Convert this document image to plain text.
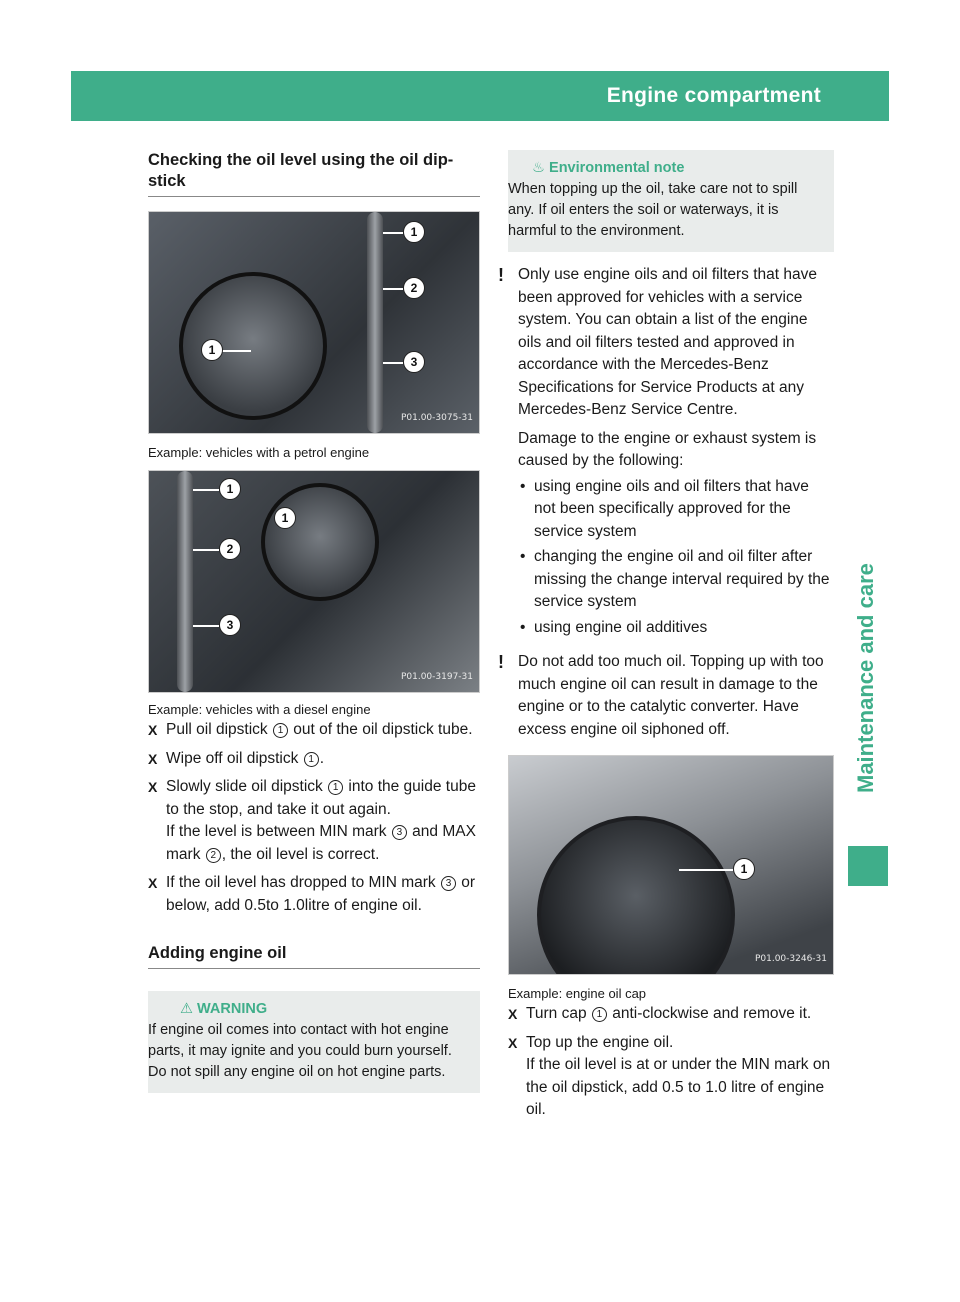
Engine compartment	323
Maintenance and care
Checking the oil level using the oil dip-stick
1
2
3
1
P01.00-3075-31
Example: vehicles with a petrol engine
1
2
3
1
P01.00-3197-31
Example: vehicles with a diesel engine
X Pull oil dipstick 1 out of the oil dipstick tube.
X Wipe off oil dipstick 1 .
X Slowly slide oil dipstick 1 into the guide tube to the stop, and take it out again.
If the level is between MIN mark 3 and MAX mark 2 , the oil level is correct.
X If the oil level has dropped to MIN mark 3 or below, add 0.5to 1.0litre of engine oil.
Adding engine oil
⚠ WARNING
If engine oil comes into contact with hot engine parts, it may ignite and you could burn yourself. Do not spill any engine oil on hot engine parts.
♨ Environmental note
When topping up the oil, take care not to spill any. If oil enters the soil or waterways, it is harmful to the environment.
! Only use engine oils and oil filters that have been approved for vehicles with a service system. You can obtain a list of the engine oils and oil filters tested and approved in accordance with the Mercedes-Benz Specifications for Service Products at any Mercedes-Benz Service Centre.

Damage to the engine or exhaust system is caused by the following:

• using engine oils and oil filters that have not been specifically approved for the service system
• changing the engine oil and oil filter after missing the change interval required by the service system
• using engine oil additives
! Do not add too much oil. Topping up with too much engine oil can result in damage to the engine or to the catalytic converter. Have excess engine oil siphoned off.

1
P01.00-3246-31
Example: engine oil cap
X Turn cap 1 anti-clockwise and remove it.
X Top up the engine oil.
If the oil level is at or under the MIN mark on the oil dipstick, add 0.5 to 1.0 litre of engine oil.
